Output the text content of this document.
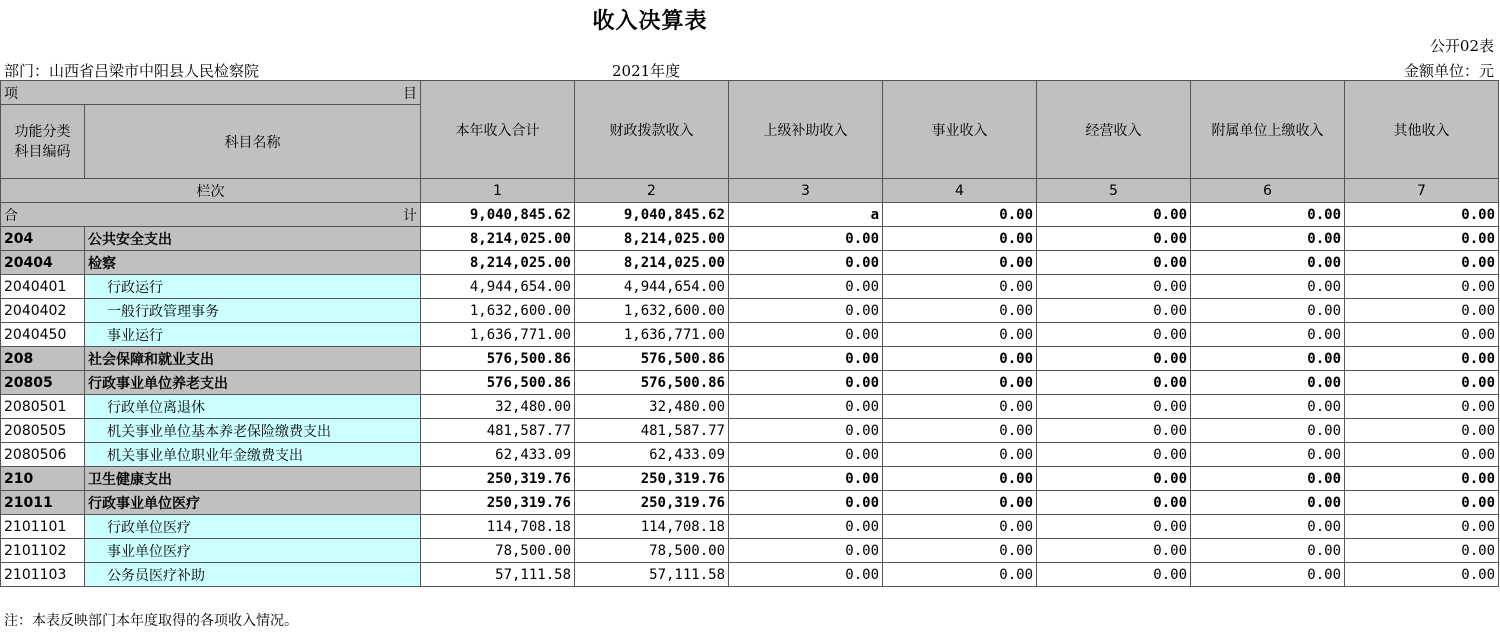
收入决算表
公开02表
部门：山西省吕梁市中阳县人民检察院	2021年度	金额单位：元
项 目		本年收入合计	财政拨款收入	上级补助收入	事业收入	经营收入	附属单位上缴收入	其他收入
功能分类
科目编码	科目名称							
栏次		1	2	3	4	5	6	7

合 计		9,040,845.62	9,040,845.62	a	0.00	0.00	0.00	0.00
204	公共安全支出	8,214,025.00	8,214,025.00	0.00	0.00	0.00	0.00	0.00
20404	检察	8,214,025.00	8,214,025.00	0.00	0.00	0.00	0.00	0.00
2040401	行政运行	4,944,654.00	4,944,654.00	0.00	0.00	0.00	0.00	0.00
2040402	一般行政管理事务	1,632,600.00	1,632,600.00	0.00	0.00	0.00	0.00	0.00
2040450	事业运行	1,636,771.00	1,636,771.00	0.00	0.00	0.00	0.00	0.00
208	社会保障和就业支出	576,500.86	576,500.86	0.00	0.00	0.00	0.00	0.00
20805	行政事业单位养老支出	576,500.86	576,500.86	0.00	0.00	0.00	0.00	0.00
2080501	行政单位离退休	32,480.00	32,480.00	0.00	0.00	0.00	0.00	0.00
2080505	机关事业单位基本养老保险缴费支出	481,587.77	481,587.77	0.00	0.00	0.00	0.00	0.00
2080506	机关事业单位职业年金缴费支出	62,433.09	62,433.09	0.00	0.00	0.00	0.00	0.00
210	卫生健康支出	250,319.76	250,319.76	0.00	0.00	0.00	0.00	0.00
21011	行政事业单位医疗	250,319.76	250,319.76	0.00	0.00	0.00	0.00	0.00
2101101	行政单位医疗	114,708.18	114,708.18	0.00	0.00	0.00	0.00	0.00
2101102	事业单位医疗	78,500.00	78,500.00	0.00	0.00	0.00	0.00	0.00
2101103	公务员医疗补助	57,111.58	57,111.58	0.00	0.00	0.00	0.00	0.00
注：本表反映部门本年度取得的各项收入情况。
